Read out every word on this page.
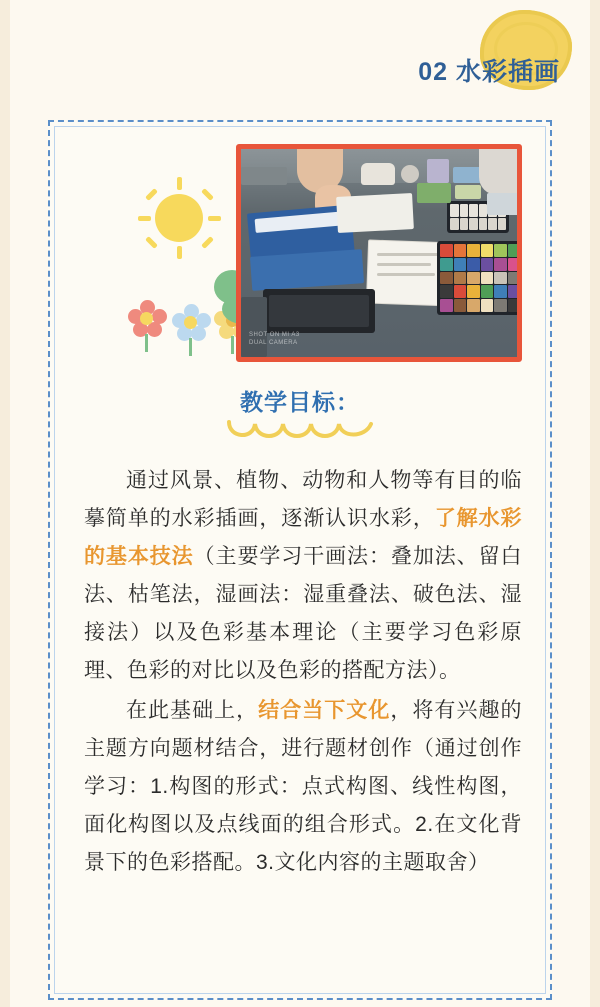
02 水彩插画
SHOT ON MI A3
DUAL CAMERA
教学目标：

通过风景、植物、动物和人物等有目的临摹简单的水彩插画，逐渐认识水彩，了解水彩的基本技法（主要学习干画法：叠加法、留白法、枯笔法，湿画法：湿重叠法、破色法、湿接法）以及色彩基本理论（主要学习色彩原理、色彩的对比以及色彩的搭配方法）。

在此基础上，结合当下文化，将有兴趣的主题方向题材结合，进行题材创作（通过创作学习：1.构图的形式：点式构图、线性构图，面化构图以及点线面的组合形式。2.在文化背景下的色彩搭配。3.文化内容的主题取舍）
